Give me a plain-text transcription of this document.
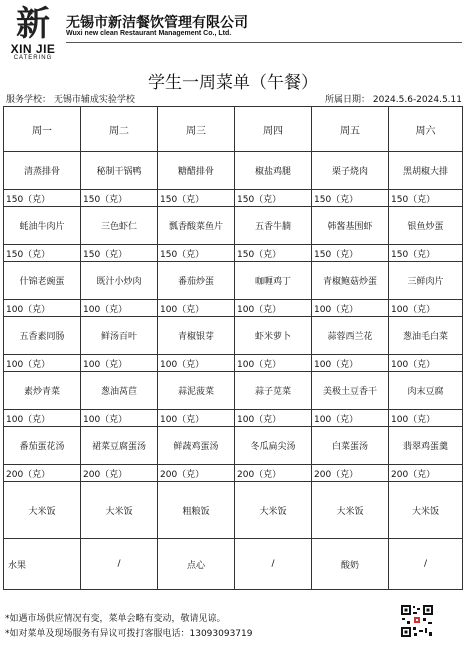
新
XIN JIE
CATERING
无锡市新洁餐饮管理有限公司
Wuxi new clean Restaurant Management Co., Ltd.
学生一周菜单（午餐）
服务学校： 无锡市辅成实验学校	所属日期： 2024.5.6-2024.5.11
周一	周二	周三	周四	周五	周六
清蒸排骨	秘制干锅鸭	糖醋排骨	椒盐鸡腿	栗子烧肉	黑胡椒大排
150（克）	150（克）	150（克）	150（克）	150（克）	150（克）
蚝油牛肉片	三色虾仁	瓢香酸菜鱼片	五香牛腩	韩酱基围虾	银鱼炒蛋
150（克）	150（克）	150（克）	150（克）	150（克）	150（克）
什锦老豌蛋	既汁小炒肉	番茄炒蛋	咖喱鸡丁	青椒鲍菇炒蛋	三鲜肉片
100（克）	100（克）	100（克）	100（克）	100（克）	100（克）
五香素同肠	鲜汤百叶	青椒银芽	虾米萝卜	蒜蓉西兰花	葱油毛白菜
100（克）	100（克）	100（克）	100（克）	100（克）	100（克）
素炒青菜	葱油莴苣	蒜泥菠菜	蒜子苋菜	美极土豆香干	肉末豆腐
100（克）	100（克）	100（克）	100（克）	100（克）	100（克）
番茄蛋花汤	裙菜豆腐蛋汤	鲜蔬鸡蛋汤	冬瓜扁尖汤	白菜蛋汤	翡翠鸡蛋羹
200（克）	200（克）	200（克）	200（克）	200（克）	200（克）
大米饭	大米饭	粗粮饭	大米饭	大米饭	大米饭
水果	/	点心	/	酸奶	/
*如遇市场供应情况有变，菜单会略有变动，敬请见谅。
*如对菜单及现场服务有异议可拨打客服电话：13093093719
